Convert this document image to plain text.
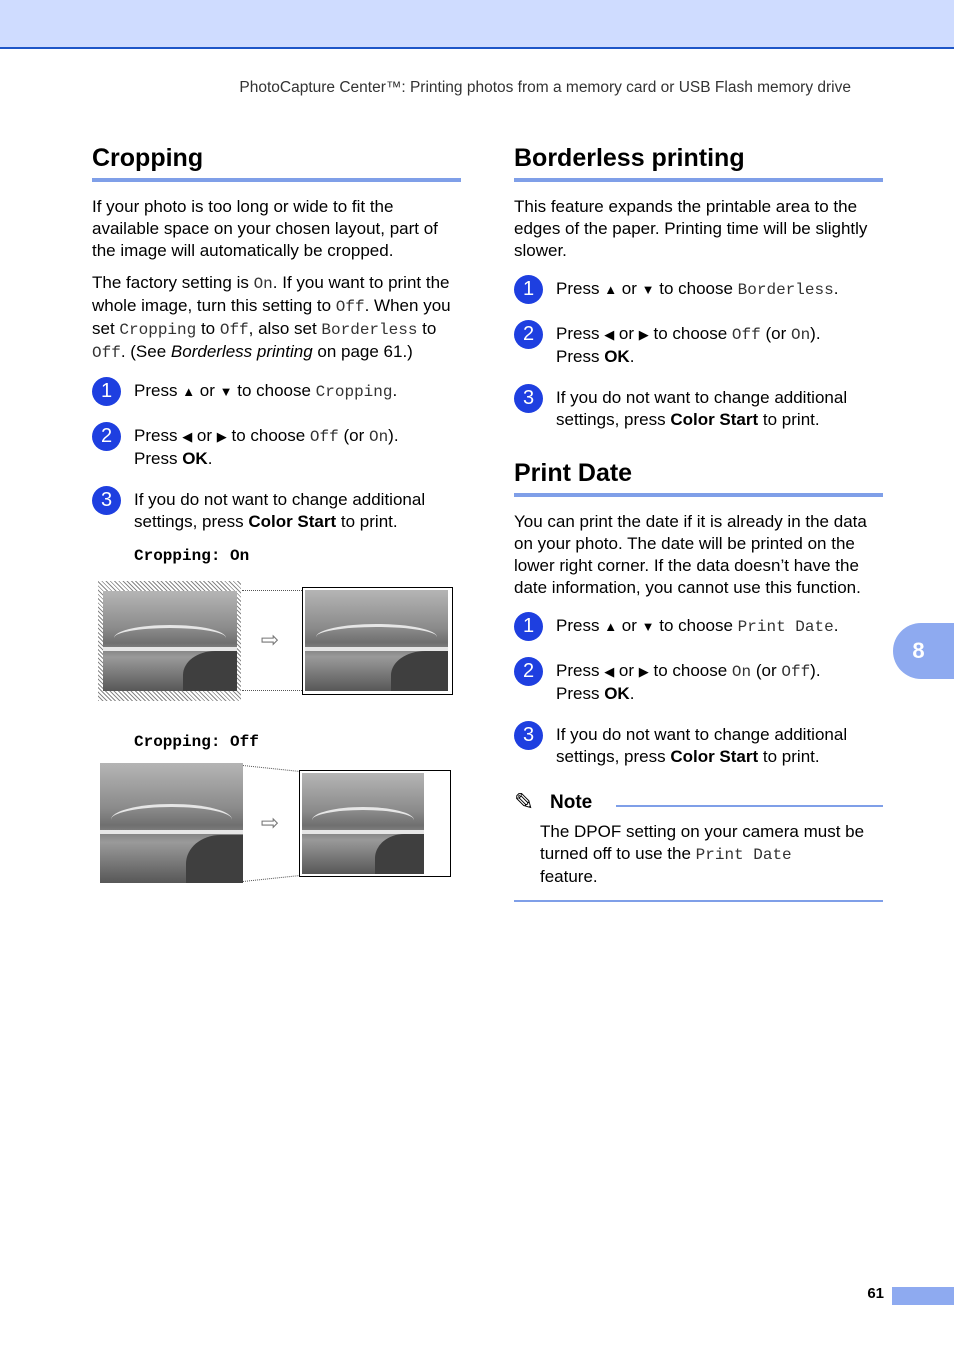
PhotoCapture Center™: Printing photos from a memory card or USB Flash memory drive
Cropping

If your photo is too long or wide to fit the available space on your chosen layout, part of the image will automatically be cropped.

The factory setting is On. If you want to print the whole image, turn this setting to Off. When you set Cropping to Off, also set Borderless to Off. (See Borderless printing on page 61.)

1	Press ▲ or ▼ to choose Cropping.
2	Press ◀ or ▶ to choose Off (or On).
Press OK.
3	If you do not want to change additional settings, press Color Start to print.
Cropping: On
⇨
Cropping: Off
⇨
Borderless printing

This feature expands the printable area to the edges of the paper. Printing time will be slightly slower.

1	Press ▲ or ▼ to choose Borderless.
2	Press ◀ or ▶ to choose Off (or On).
Press OK.
3	If you do not want to change additional settings, press Color Start to print.
Print Date

You can print the date if it is already in the data on your photo. The date will be printed on the lower right corner. If the data doesn’t have the date information, you cannot use this function.

1	Press ▲ or ▼ to choose Print Date.
2	Press ◀ or ▶ to choose On (or Off).
Press OK.
3	If you do not want to change additional settings, press Color Start to print.
✎ Note
The DPOF setting on your camera must be turned off to use the Print Date
feature.
8
61
